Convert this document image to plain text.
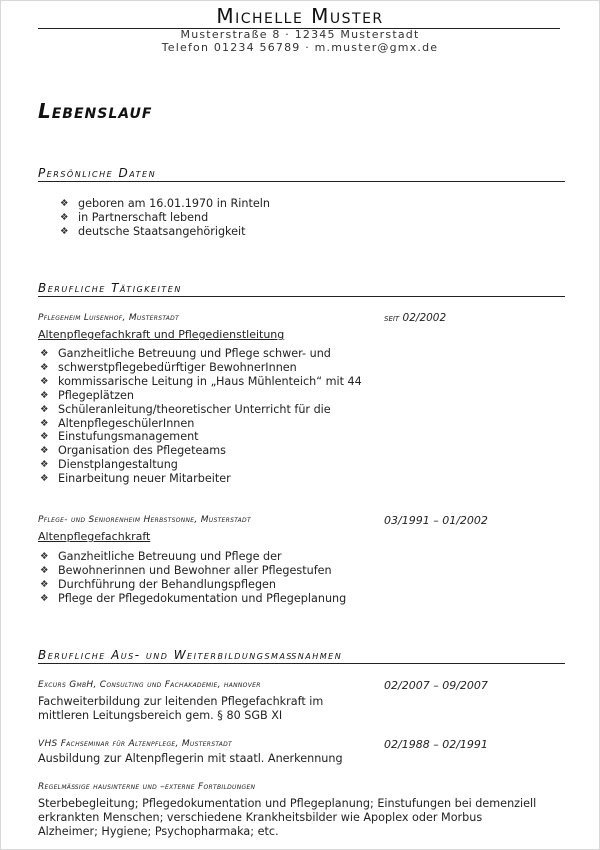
Michelle Muster
Musterstraße 8 · 12345 Musterstadt
Telefon 01234 56789 · m.muster@gmx.de
Lebenslauf
Persönliche Daten
❖ geboren am 16.01.1970 in Rinteln
❖ in Partnerschaft lebend
❖ deutsche Staatsangehörigkeit
Berufliche Tätigkeiten
Pflegeheim Luisenhof, Musterstadt	seit 02/2002
Altenpflegefachkraft und Pflegedienstleitung
❖ Ganzheitliche Betreuung und Pflege schwer- und
❖ schwerstpflegebedürftiger BewohnerInnen
❖ kommissarische Leitung in „Haus Mühlenteich“ mit 44
❖ Pflegeplätzen
❖ Schüleranleitung/theoretischer Unterricht für die
❖ AltenpflegeschülerInnen
❖ Einstufungsmanagement
❖ Organisation des Pflegeteams
❖ Dienstplangestaltung
❖ Einarbeitung neuer Mitarbeiter
Pflege- und Seniorenheim Herbstsonne, Musterstadt	03/1991 – 01/2002
Altenpflegefachkraft
❖ Ganzheitliche Betreuung und Pflege der
❖ Bewohnerinnen und Bewohner aller Pflegestufen
❖ Durchführung der Behandlungspflegen
❖ Pflege der Pflegedokumentation und Pflegeplanung
Berufliche Aus- und Weiterbildungsmaßnahmen
Excurs GmbH, Consulting und Fachakademie, hannover	02/2007 – 09/2007
Fachweiterbildung zur leitenden Pflegefachkraft im
mittleren Leitungsbereich gem. § 80 SGB XI
VHS Fachseminar für Altenpflege, Musterstadt	02/1988 – 02/1991
Ausbildung zur Altenpflegerin mit staatl. Anerkennung
Regelmäßige hausinterne und –externe Fortbildungen
Sterbebegleitung; Pflegedokumentation und Pflegeplanung; Einstufungen bei demenziell
erkrankten Menschen; verschiedene Krankheitsbilder wie Apoplex oder Morbus
Alzheimer; Hygiene; Psychopharmaka; etc.
